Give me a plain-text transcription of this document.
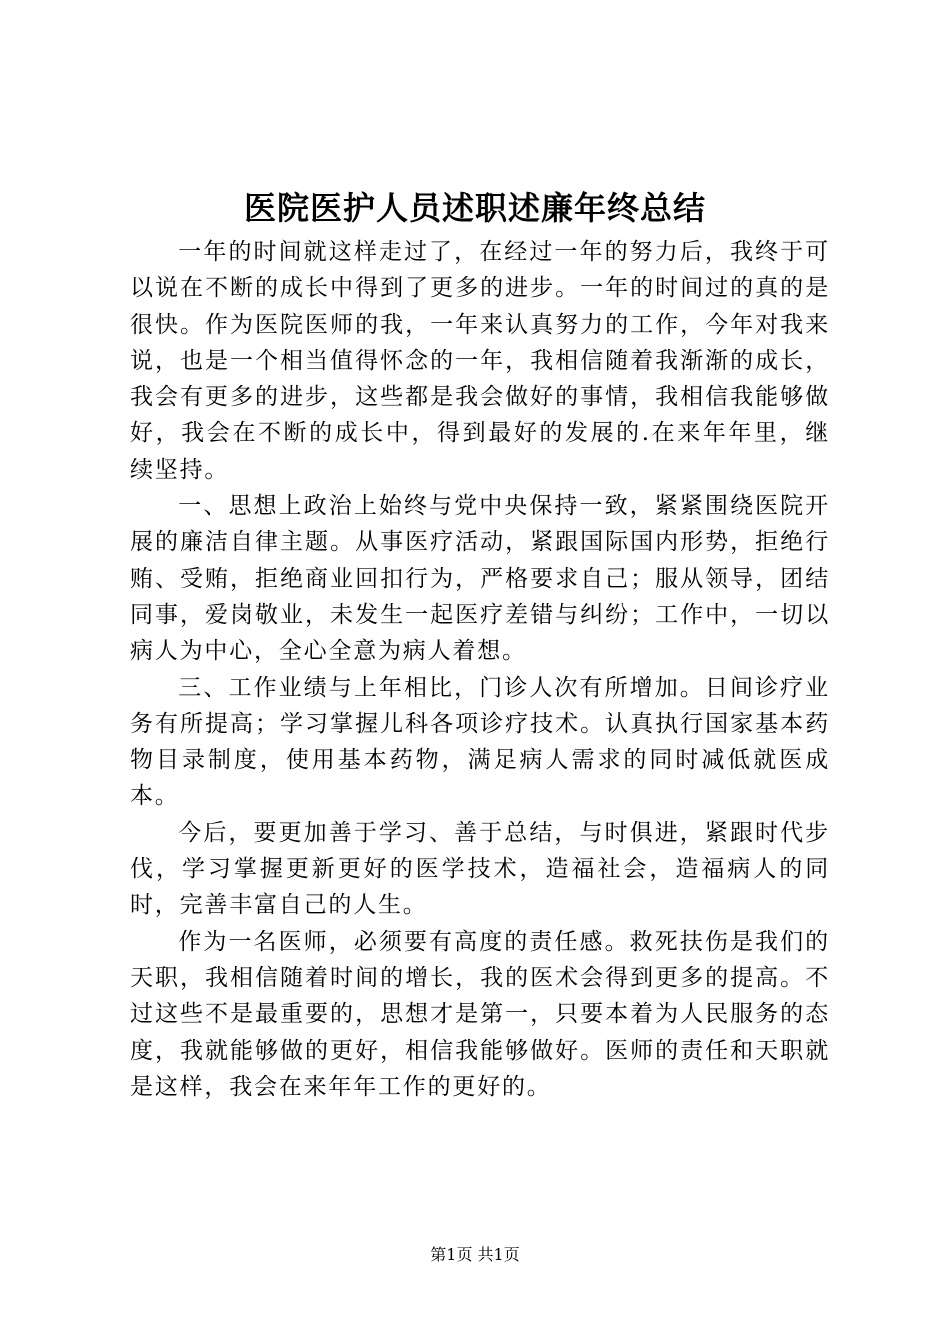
医院医护人员述职述廉年终总结

一年的时间就这样走过了，在经过一年的努力后，我终于可以说在不断的成长中得到了更多的进步。一年的时间过的真的是很快。作为医院医师的我，一年来认真努力的工作，今年对我来说，也是一个相当值得怀念的一年，我相信随着我渐渐的成长，我会有更多的进步，这些都是我会做好的事情，我相信我能够做好，我会在不断的成长中，得到最好的发展的.在来年年里，继续坚持。

一、思想上政治上始终与党中央保持一致，紧紧围绕医院开展的廉洁自律主题。从事医疗活动，紧跟国际国内形势，拒绝行贿、受贿，拒绝商业回扣行为，严格要求自己；服从领导，团结同事，爱岗敬业，未发生一起医疗差错与纠纷；工作中，一切以病人为中心，全心全意为病人着想。

三、工作业绩与上年相比，门诊人次有所增加。日间诊疗业务有所提高；学习掌握儿科各项诊疗技术。认真执行国家基本药物目录制度，使用基本药物，满足病人需求的同时减低就医成本。

今后，要更加善于学习、善于总结，与时俱进，紧跟时代步伐，学习掌握更新更好的医学技术，造福社会，造福病人的同时，完善丰富自己的人生。

作为一名医师，必须要有高度的责任感。救死扶伤是我们的天职，我相信随着时间的增长，我的医术会得到更多的提高。不过这些不是最重要的，思想才是第一，只要本着为人民服务的态度，我就能够做的更好，相信我能够做好。医师的责任和天职就是这样，我会在来年年工作的更好的。

第1页 共1页
